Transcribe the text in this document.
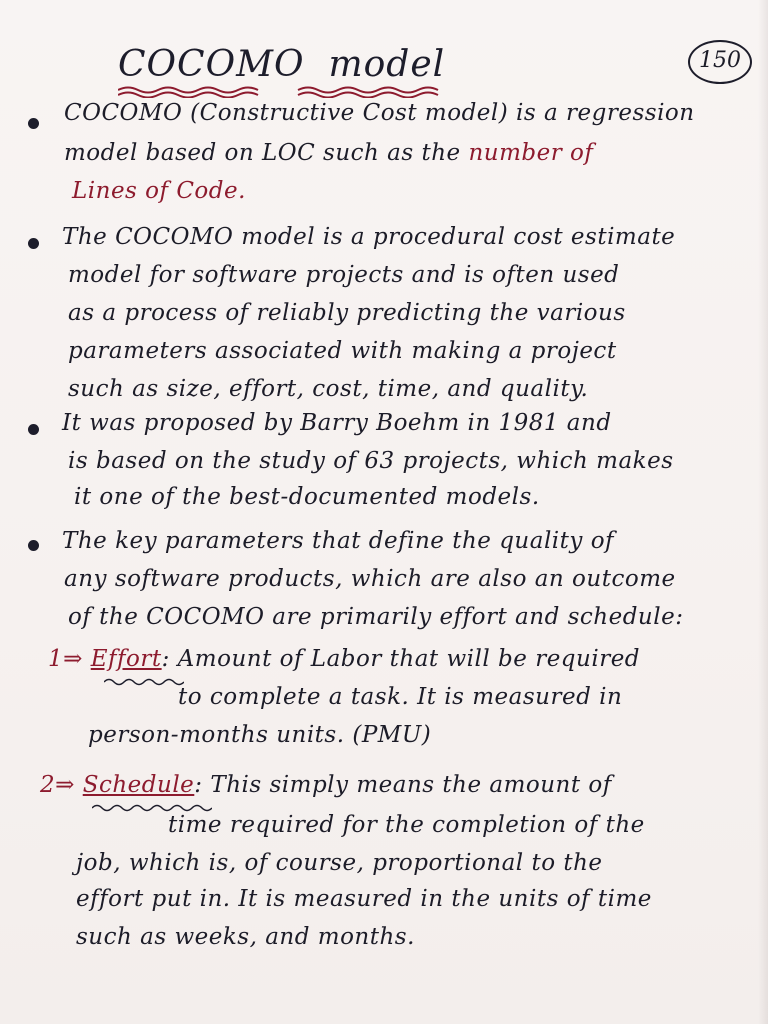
COCOMO model	150
COCOMO (Constructive Cost model) is a regression
model based on LOC such as the number of
Lines of Code.
The COCOMO model is a procedural cost estimate
model for software projects and is often used
as a process of reliably predicting the various
parameters associated with making a project
such as size, effort, cost, time, and quality.
It was proposed by Barry Boehm in 1981 and
is based on the study of 63 projects, which makes
it one of the best-documented models.
The key parameters that define the quality of
any software products, which are also an outcome
of the COCOMO are primarily effort and schedule:
1⇒ Effort: Amount of Labor that will be required
to complete a task. It is measured in
person-months units. (PMU)
2⇒ Schedule: This simply means the amount of
time required for the completion of the
job, which is, of course, proportional to the
effort put in. It is measured in the units of time
such as weeks, and months.
